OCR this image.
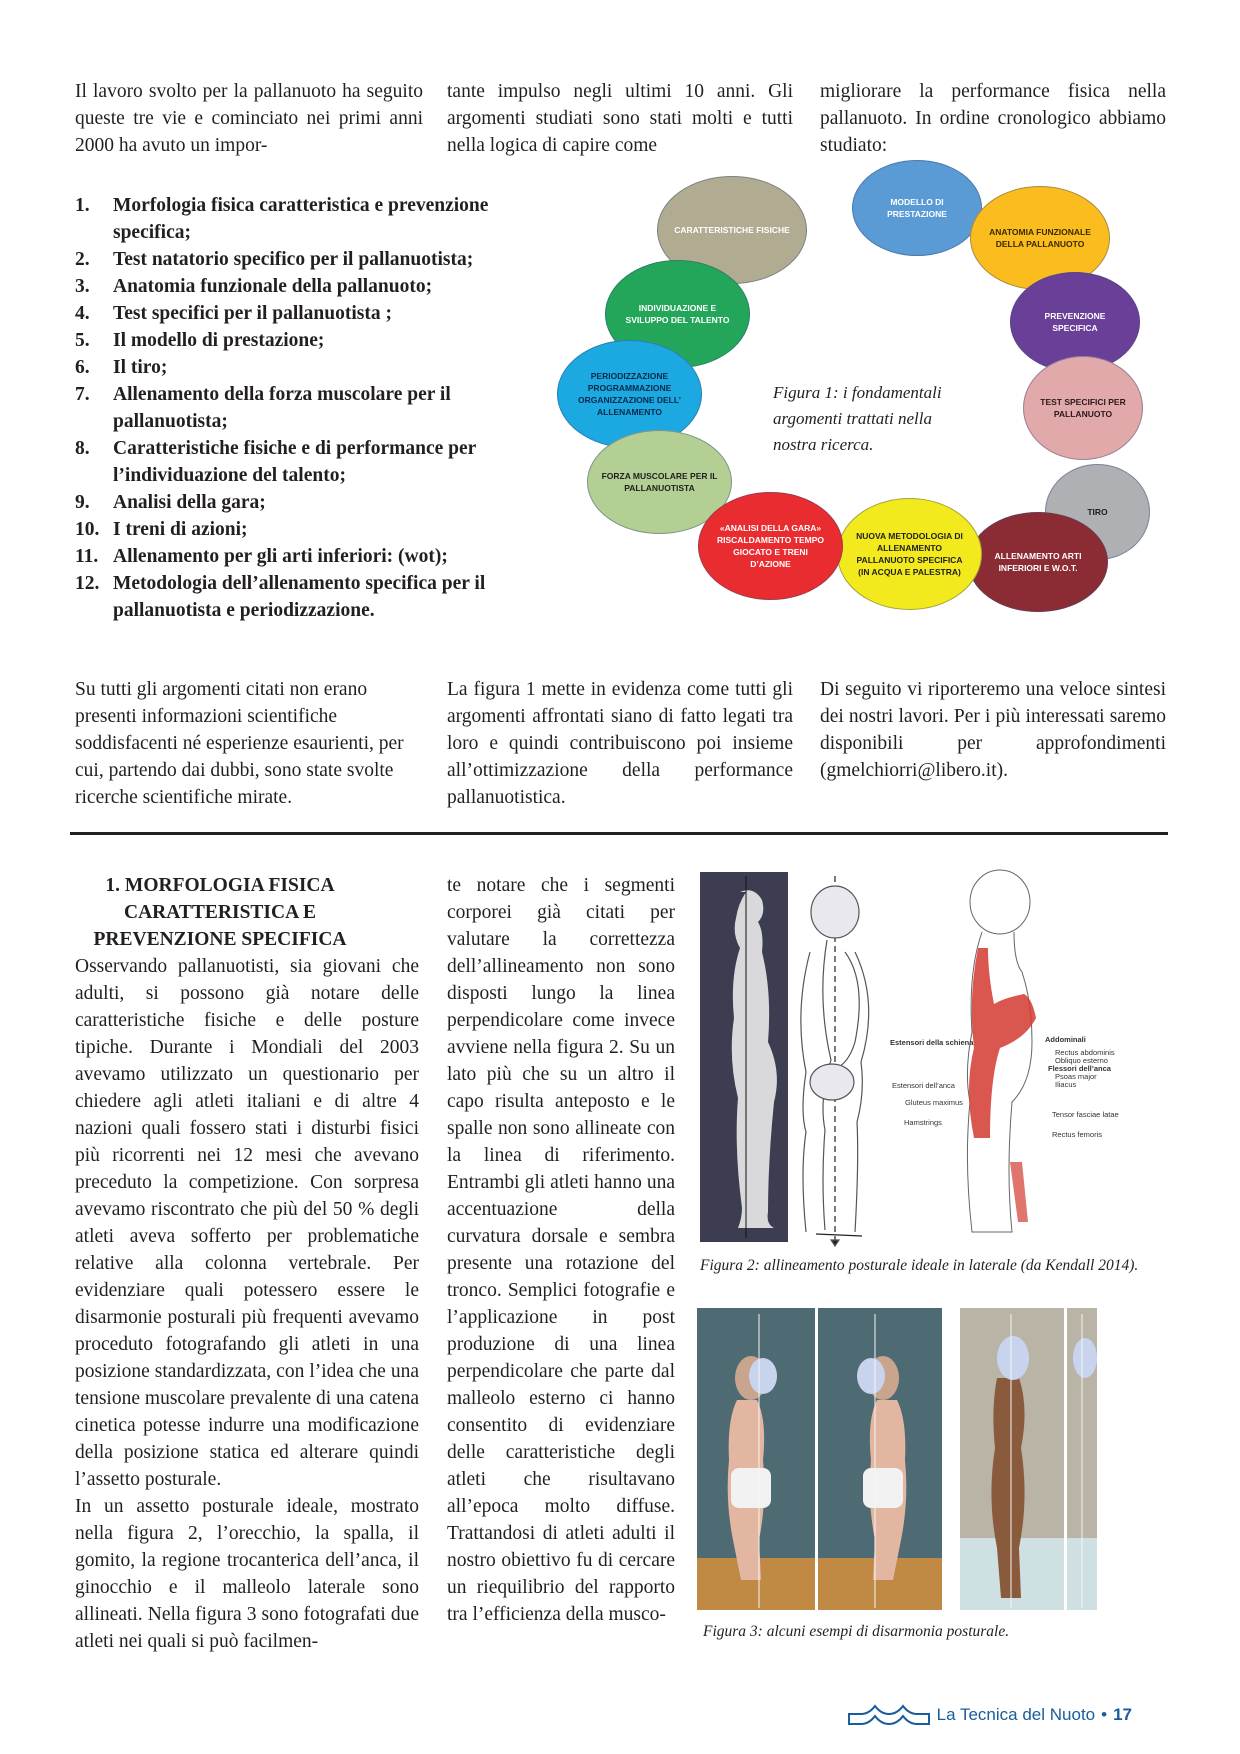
Il lavoro svolto per la pallanuoto ha seguito queste tre vie e cominciato nei primi anni 2000 ha avuto un impor-

tante impulso negli ultimi 10 anni. Gli argomenti studiati sono stati molti e tutti nella logica di capire come

migliorare la performance fisica nella pallanuoto. In ordine cronologico abbiamo studiato:

1.	Morfologia fisica caratteristica e prevenzione specifica;
2.	Test natatorio specifico per il pallanuotista;
3.	Anatomia funzionale della pallanuoto;
4.	Test specifici per il pallanuotista ;
5.	Il modello di prestazione;
6.	Il tiro;
7.	Allenamento della forza muscolare per il pallanuotista;
8.	Caratteristiche fisiche e di performance per l’individuazione del talento;
9.	Analisi della gara;
10. I treni di azioni;
11. Allenamento per gli arti inferiori: (wot);
12. Metodologia dell’allenamento specifica per il pallanuotista e periodizzazione.
MODELLO DI PRESTAZIONE
ANATOMIA FUNZIONALE DELLA PALLANUOTO
PREVENZIONE SPECIFICA
TEST SPECIFICI PER PALLANUOTO
TIRO
ALLENAMENTO ARTI INFERIORI E W.O.T.
NUOVA METODOLOGIA DI ALLENAMENTO PALLANUOTO SPECIFICA (IN ACQUA E PALESTRA)
«ANALISI DELLA GARA» RISCALDAMENTO TEMPO GIOCATO E TRENI D’AZIONE
FORZA MUSCOLARE PER IL PALLANUOTISTA
PERIODIZZAZIONE PROGRAMMAZIONE ORGANIZZAZIONE DELL’ ALLENAMENTO
INDIVIDUAZIONE E SVILUPPO DEL TALENTO
CARATTERISTICHE FISICHE
Figura 1: i fondamentali argomenti trattati nella nostra ricerca.

Su tutti gli argomenti citati non erano presenti informazioni scientifiche soddisfacenti né esperienze esaurienti, per cui, partendo dai dubbi, sono state svolte ricerche scientifiche mirate.

La figura 1 mette in evidenza come tutti gli argomenti affrontati siano di fatto legati tra loro e quindi contribuiscono poi insieme all’ottimizzazione della performance pallanuotistica.

Di seguito vi riporteremo una veloce sintesi dei nostri lavori. Per i più interessati saremo disponibili per approfondimenti (gmelchiorri@libero.it).

1. MORFOLOGIA FISICA CARATTERISTICA E PREVENZIONE SPECIFICA

Osservando pallanuotisti, sia giovani che adulti, si possono già notare delle caratteristiche fisiche e delle posture tipiche. Durante i Mondiali del 2003 avevamo utilizzato un questionario per chiedere agli atleti italiani e di altre 4 nazioni quali fossero stati i disturbi fisici più ricorrenti nei 12 mesi che avevano preceduto la competizione. Con sorpresa avevamo riscontrato che più del 50 % degli atleti aveva sofferto per problematiche relative alla colonna vertebrale. Per evidenziare quali potessero essere le disarmonie posturali più frequenti avevamo proceduto fotografando gli atleti in una posizione standardizzata, con l’idea che una tensione muscolare prevalente di una catena cinetica potesse indurre una modificazione della posizione statica ed alterare quindi l’assetto posturale.

In un assetto posturale ideale, mostrato nella figura 2, l’orecchio, la spalla, il gomito, la regione trocanterica dell’anca, il ginocchio e il malleolo laterale sono allineati. Nella figura 3 sono fotografati due atleti nei quali si può facilmen-

te notare che i segmenti corporei già citati per valutare la correttezza dell’allineamento non sono disposti lungo la linea perpendicolare come invece avviene nella figura 2. Su un lato più che su un altro il capo risulta anteposto e le spalle non sono allineate con la linea di riferimento. Entrambi gli atleti hanno una accentuazione della curvatura dorsale e sembra presente una rotazione del tronco. Semplici fotografie e l’applicazione in post produzione di una linea perpendicolare che parte dal malleolo esterno ci hanno consentito di evidenziare delle caratteristiche degli atleti che risultavano all’epoca molto diffuse. Trattandosi di atleti adulti il nostro obiettivo fu di cercare un riequilibrio del rapporto tra l’efficienza della musco-

Estensori della schiena	Addominali
Rectus abdominis
Obliquo esterno
Flessori dell’anca
Psoas major
Iliacus
Estensori dell’anca
Gluteus maximus
Hamstrings
Tensor fasciae latae
Rectus femoris
Figura 2: allineamento posturale ideale in laterale (da Kendall 2014).
Figura 3: alcuni esempi di disarmonia posturale.
La Tecnica del Nuoto • 17
